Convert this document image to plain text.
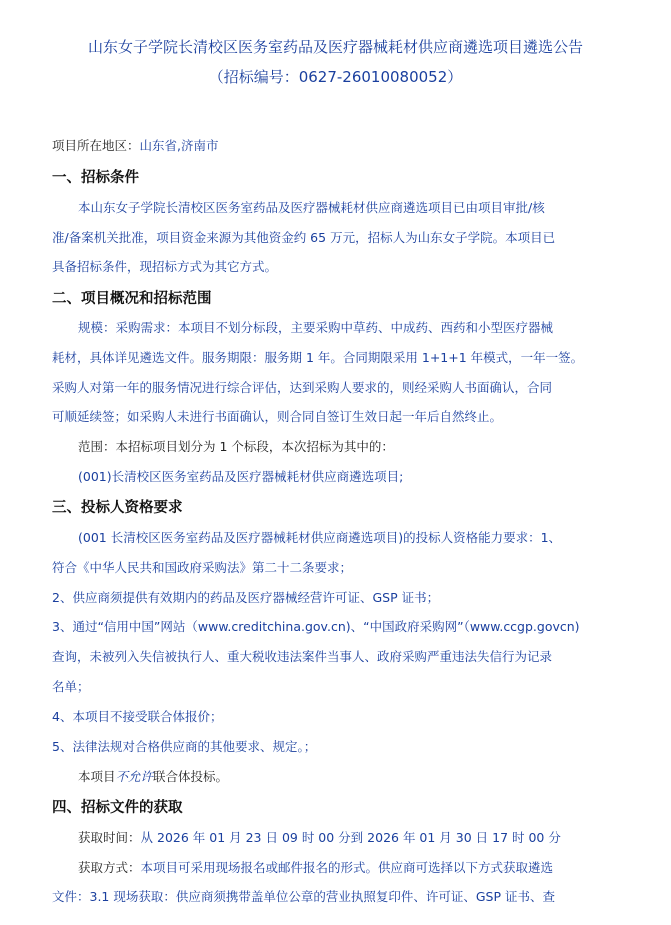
山东女子学院长清校区医务室药品及医疗器械耗材供应商遴选项目遴选公告
（招标编号：0627-26010080052）
项目所在地区：山东省,济南市
一、招标条件
本山东女子学院长清校区医务室药品及医疗器械耗材供应商遴选项目已由项目审批/核
准/备案机关批准，项目资金来源为其他资金约 65 万元，招标人为山东女子学院。本项目已
具备招标条件，现招标方式为其它方式。
二、项目概况和招标范围
规模：采购需求：本项目不划分标段，主要采购中草药、中成药、西药和小型医疗器械
耗材，具体详见遴选文件。服务期限：服务期 1 年。合同期限采用 1+1+1 年模式，一年一签。
采购人对第一年的服务情况进行综合评估，达到采购人要求的，则经采购人书面确认，合同
可顺延续签；如采购人未进行书面确认，则合同自签订生效日起一年后自然终止。
范围：本招标项目划分为 1 个标段，本次招标为其中的：
(001)长清校区医务室药品及医疗器械耗材供应商遴选项目;
三、投标人资格要求
(001 长清校区医务室药品及医疗器械耗材供应商遴选项目)的投标人资格能力要求：1、
符合《中华人民共和国政府采购法》第二十二条要求；
2、供应商须提供有效期内的药品及医疗器械经营许可证、GSP 证书；
3、通过“信用中国”网站（www.creditchina.gov.cn)、“中国政府采购网”（www.ccgp.govcn)
查询，未被列入失信被执行人、重大税收违法案件当事人、政府采购严重违法失信行为记录
名单；
4、本项目不接受联合体报价；
5、法律法规对合格供应商的其他要求、规定。；
本项目不允许联合体投标。
四、招标文件的获取
获取时间：从 2026 年 01 月 23 日 09 时 00 分到 2026 年 01 月 30 日 17 时 00 分
获取方式：本项目可采用现场报名或邮件报名的形式。供应商可选择以下方式获取遴选
文件：3.1 现场获取：供应商须携带盖单位公章的营业执照复印件、许可证、GSP 证书、查
